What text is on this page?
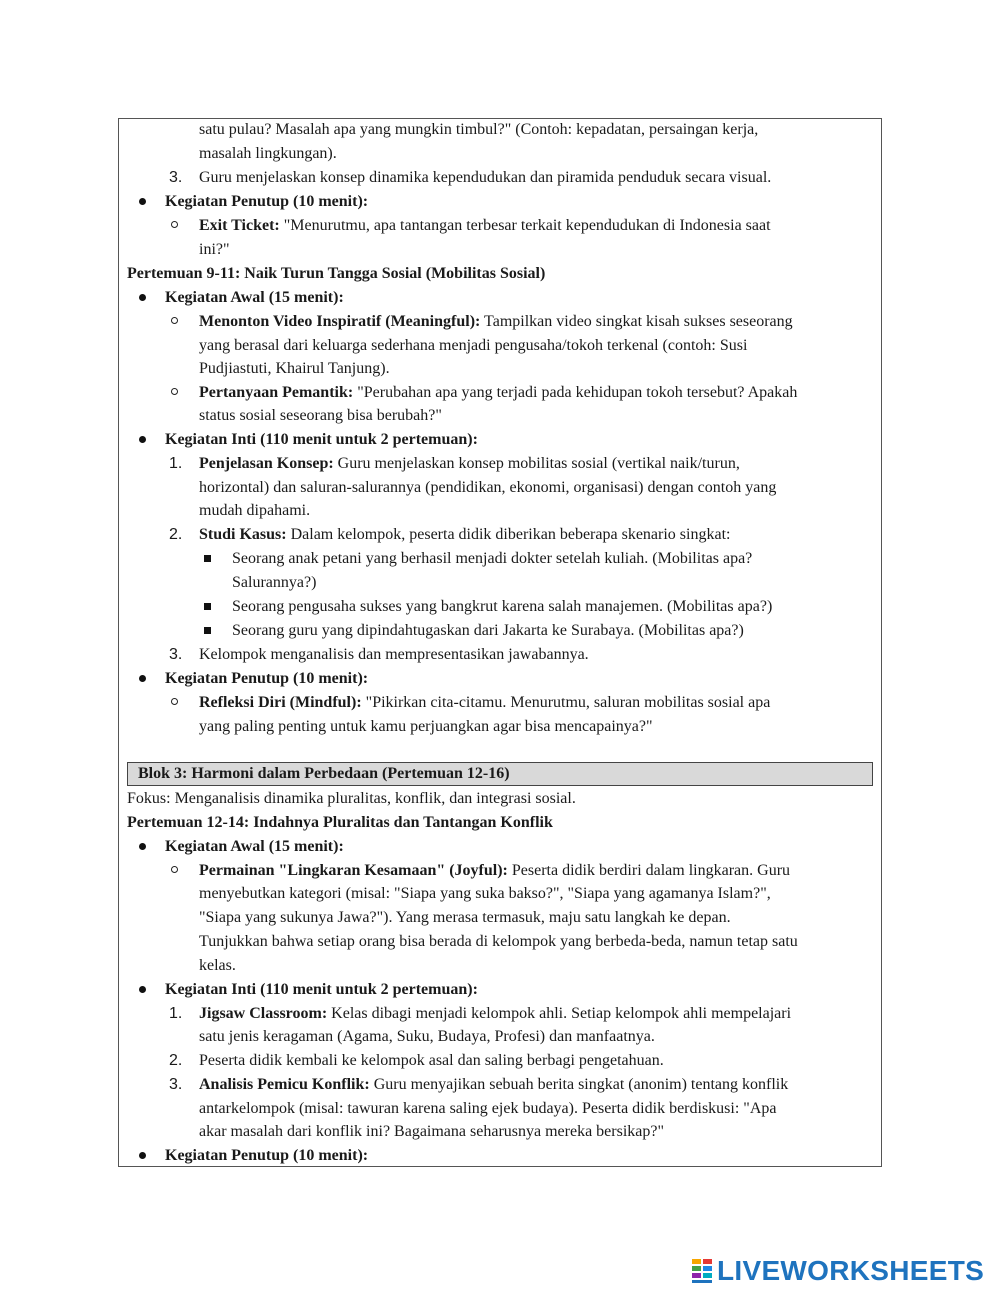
satu pulau? Masalah apa yang mungkin timbul?" (Contoh: kepadatan, persaingan kerja,
masalah lingkungan).
3. Guru menjelaskan konsep dinamika kependudukan dan piramida penduduk secara visual.
Kegiatan Penutup (10 menit):
Exit Ticket: "Menurutmu, apa tantangan terbesar terkait kependudukan di Indonesia saat
ini?"
Pertemuan 9-11: Naik Turun Tangga Sosial (Mobilitas Sosial)
Kegiatan Awal (15 menit):
Menonton Video Inspiratif (Meaningful): Tampilkan video singkat kisah sukses seseorang
yang berasal dari keluarga sederhana menjadi pengusaha/tokoh terkenal (contoh: Susi
Pudjiastuti, Khairul Tanjung).
Pertanyaan Pemantik: "Perubahan apa yang terjadi pada kehidupan tokoh tersebut? Apakah
status sosial seseorang bisa berubah?"
Kegiatan Inti (110 menit untuk 2 pertemuan):
1. Penjelasan Konsep: Guru menjelaskan konsep mobilitas sosial (vertikal naik/turun,
horizontal) dan saluran-salurannya (pendidikan, ekonomi, organisasi) dengan contoh yang
mudah dipahami.
2. Studi Kasus: Dalam kelompok, peserta didik diberikan beberapa skenario singkat:
Seorang anak petani yang berhasil menjadi dokter setelah kuliah. (Mobilitas apa?
Salurannya?)
Seorang pengusaha sukses yang bangkrut karena salah manajemen. (Mobilitas apa?)
Seorang guru yang dipindahtugaskan dari Jakarta ke Surabaya. (Mobilitas apa?)
3. Kelompok menganalisis dan mempresentasikan jawabannya.
Kegiatan Penutup (10 menit):
Refleksi Diri (Mindful): "Pikirkan cita-citamu. Menurutmu, saluran mobilitas sosial apa
yang paling penting untuk kamu perjuangkan agar bisa mencapainya?"
Blok 3: Harmoni dalam Perbedaan (Pertemuan 12-16)
Fokus: Menganalisis dinamika pluralitas, konflik, dan integrasi sosial.
Pertemuan 12-14: Indahnya Pluralitas dan Tantangan Konflik
Kegiatan Awal (15 menit):
Permainan "Lingkaran Kesamaan" (Joyful): Peserta didik berdiri dalam lingkaran. Guru
menyebutkan kategori (misal: "Siapa yang suka bakso?", "Siapa yang agamanya Islam?",
"Siapa yang sukunya Jawa?"). Yang merasa termasuk, maju satu langkah ke depan.
Tunjukkan bahwa setiap orang bisa berada di kelompok yang berbeda-beda, namun tetap satu
kelas.
Kegiatan Inti (110 menit untuk 2 pertemuan):
1. Jigsaw Classroom: Kelas dibagi menjadi kelompok ahli. Setiap kelompok ahli mempelajari
satu jenis keragaman (Agama, Suku, Budaya, Profesi) dan manfaatnya.
2. Peserta didik kembali ke kelompok asal dan saling berbagi pengetahuan.
3. Analisis Pemicu Konflik: Guru menyajikan sebuah berita singkat (anonim) tentang konflik
antarkelompok (misal: tawuran karena saling ejek budaya). Peserta didik berdiskusi: "Apa
akar masalah dari konflik ini? Bagaimana seharusnya mereka bersikap?"
Kegiatan Penutup (10 menit):
LIVEWORKSHEETS
